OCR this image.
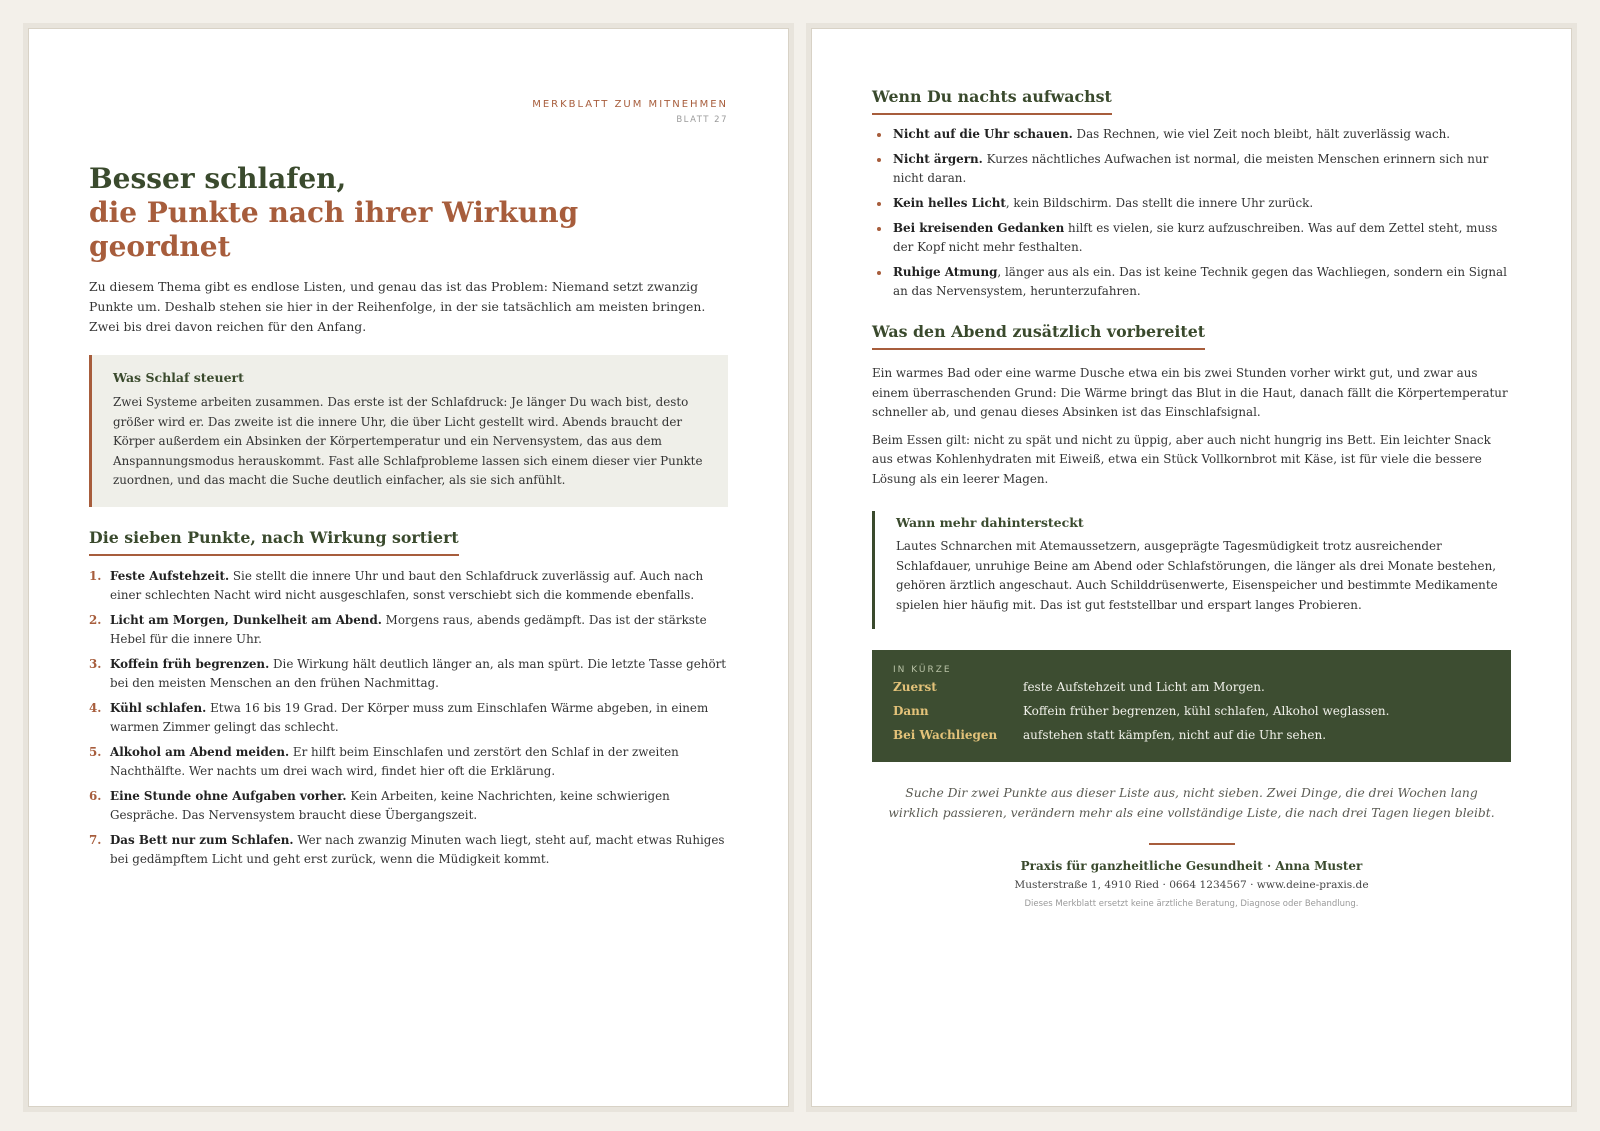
MERKBLATT ZUM MITNEHMEN
BLATT 27
Besser schlafen,
die Punkte nach ihrer Wirkung geordnet

Zu diesem Thema gibt es endlose Listen, und genau das ist das Problem: Niemand setzt zwanzig Punkte um. Deshalb stehen sie hier in der Reihenfolge, in der sie tatsächlich am meisten bringen. Zwei bis drei davon reichen für den Anfang.

Was Schlaf steuert

Zwei Systeme arbeiten zusammen. Das erste ist der Schlafdruck: Je länger Du wach bist, desto größer wird er. Das zweite ist die innere Uhr, die über Licht gestellt wird. Abends braucht der Körper außerdem ein Absinken der Körpertemperatur und ein Nervensystem, das aus dem Anspannungsmodus herauskommt. Fast alle Schlafprobleme lassen sich einem dieser vier Punkte zuordnen, und das macht die Suche deutlich einfacher, als sie sich anfühlt.

Die sieben Punkte, nach Wirkung sortiert
1. Feste Aufstehzeit. Sie stellt die innere Uhr und baut den Schlafdruck zuverlässig auf. Auch nach einer schlechten Nacht wird nicht ausgeschlafen, sonst verschiebt sich die kommende ebenfalls.
2. Licht am Morgen, Dunkelheit am Abend. Morgens raus, abends gedämpft. Das ist der stärkste Hebel für die innere Uhr.
3. Koffein früh begrenzen. Die Wirkung hält deutlich länger an, als man spürt. Die letzte Tasse gehört bei den meisten Menschen an den frühen Nachmittag.
4. Kühl schlafen. Etwa 16 bis 19 Grad. Der Körper muss zum Einschlafen Wärme abgeben, in einem warmen Zimmer gelingt das schlecht.
5. Alkohol am Abend meiden. Er hilft beim Einschlafen und zerstört den Schlaf in der zweiten Nachthälfte. Wer nachts um drei wach wird, findet hier oft die Erklärung.
6. Eine Stunde ohne Aufgaben vorher. Kein Arbeiten, keine Nachrichten, keine schwierigen Gespräche. Das Nervensystem braucht diese Übergangszeit.
7. Das Bett nur zum Schlafen. Wer nach zwanzig Minuten wach liegt, steht auf, macht etwas Ruhiges bei gedämpftem Licht und geht erst zurück, wenn die Müdigkeit kommt.
Wenn Du nachts aufwachst
Nicht auf die Uhr schauen. Das Rechnen, wie viel Zeit noch bleibt, hält zuverlässig wach.
Nicht ärgern. Kurzes nächtliches Aufwachen ist normal, die meisten Menschen erinnern sich nur nicht daran.
Kein helles Licht, kein Bildschirm. Das stellt die innere Uhr zurück.
Bei kreisenden Gedanken hilft es vielen, sie kurz aufzuschreiben. Was auf dem Zettel steht, muss der Kopf nicht mehr festhalten.
Ruhige Atmung, länger aus als ein. Das ist keine Technik gegen das Wachliegen, sondern ein Signal an das Nervensystem, herunterzufahren.
Was den Abend zusätzlich vorbereitet

Ein warmes Bad oder eine warme Dusche etwa ein bis zwei Stunden vorher wirkt gut, und zwar aus einem überraschenden Grund: Die Wärme bringt das Blut in die Haut, danach fällt die Körpertemperatur schneller ab, und genau dieses Absinken ist das Einschlafsignal.

Beim Essen gilt: nicht zu spät und nicht zu üppig, aber auch nicht hungrig ins Bett. Ein leichter Snack aus etwas Kohlenhydraten mit Eiweiß, etwa ein Stück Vollkornbrot mit Käse, ist für viele die bessere Lösung als ein leerer Magen.

Wann mehr dahintersteckt

Lautes Schnarchen mit Atemaussetzern, ausgeprägte Tagesmüdigkeit trotz ausreichender Schlafdauer, unruhige Beine am Abend oder Schlafstörungen, die länger als drei Monate bestehen, gehören ärztlich angeschaut. Auch Schilddrüsenwerte, Eisenspeicher und bestimmte Medikamente spielen hier häufig mit. Das ist gut feststellbar und erspart langes Probieren.

IN KÜRZE
Zuerst	feste Aufstehzeit und Licht am Morgen.
Dann	Koffein früher begrenzen, kühl schlafen, Alkohol weglassen.
Bei Wachliegen	aufstehen statt kämpfen, nicht auf die Uhr sehen.

Suche Dir zwei Punkte aus dieser Liste aus, nicht sieben. Zwei Dinge, die drei Wochen lang wirklich passieren, verändern mehr als eine vollständige Liste, die nach drei Tagen liegen bleibt.

Praxis für ganzheitliche Gesundheit · Anna Muster
Musterstraße 1, 4910 Ried · 0664 1234567 · www.deine-praxis.de
Dieses Merkblatt ersetzt keine ärztliche Beratung, Diagnose oder Behandlung.
